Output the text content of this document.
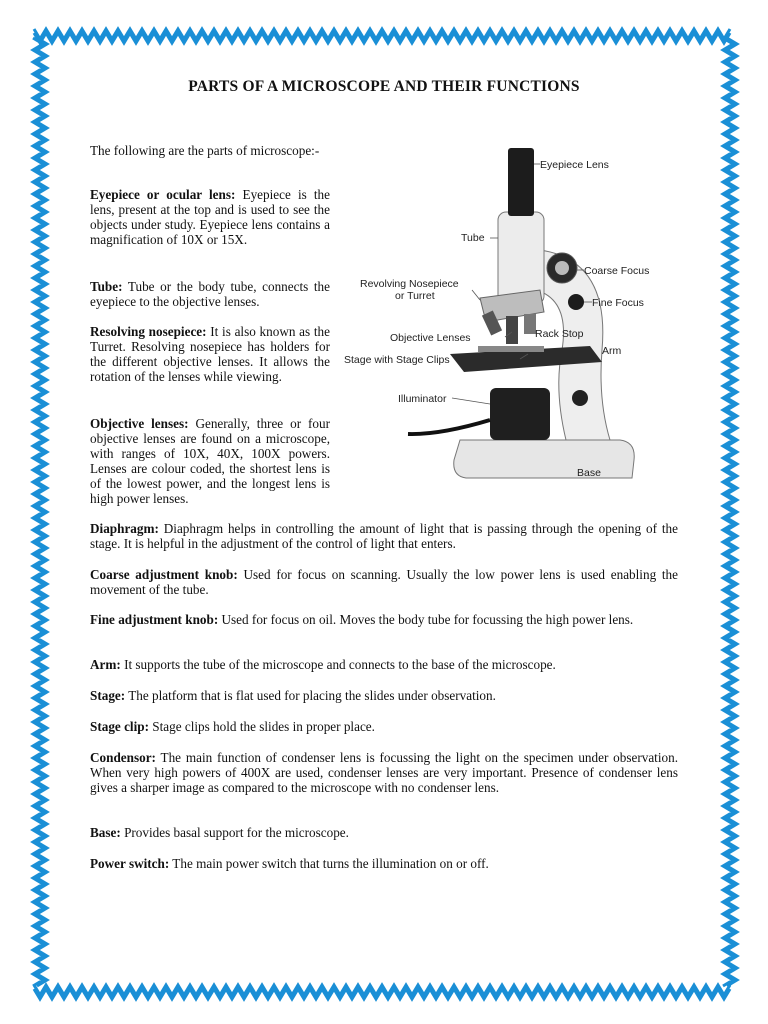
PARTS OF A MICROSCOPE AND THEIR FUNCTIONS

The following are the parts of microscope:-

Eyepiece or ocular lens: Eyepiece is the lens, present at the top and is used to see the objects under study. Eyepiece lens contains a magnification of 10X or 15X.

Tube: Tube or the body tube, connects the eyepiece to the objective lenses.

Resolving nosepiece: It is also known as the Turret. Resolving nosepiece has holders for the different objective lenses. It allows the rotation of the lenses while viewing.

Objective lenses: Generally, three or four objective lenses are found on a microscope, with ranges of 10X, 40X, 100X powers. Lenses are colour coded, the shortest lens is of the lowest power, and the longest lens is high power lenses.

Diaphragm: Diaphragm helps in controlling the amount of light that is passing through the opening of the stage. It is helpful in the adjustment of the control of light that enters.

Coarse adjustment knob: Used for focus on scanning. Usually the low power lens is used enabling the movement of the tube.

Fine adjustment knob: Used for focus on oil. Moves the body tube for focussing the high power lens.

Arm: It supports the tube of the microscope and connects to the base of the microscope.

Stage: The platform that is flat used for placing the slides under observation.

Stage clip: Stage clips hold the slides in proper place.

Condensor: The main function of condenser lens is focussing the light on the specimen under observation. When very high powers of 400X are used, condenser lenses are very important. Presence of condenser lens gives a sharper image as compared to the microscope with no condenser lens.

Base: Provides basal support for the microscope.

Power switch: The main power switch that turns the illumination on or off.

Eyepiece Lens
Tube
Coarse Focus
Revolving Nosepiece
or Turret
Fine Focus
Rack Stop
Objective Lenses
Arm
Stage with Stage Clips
Illuminator
Base
